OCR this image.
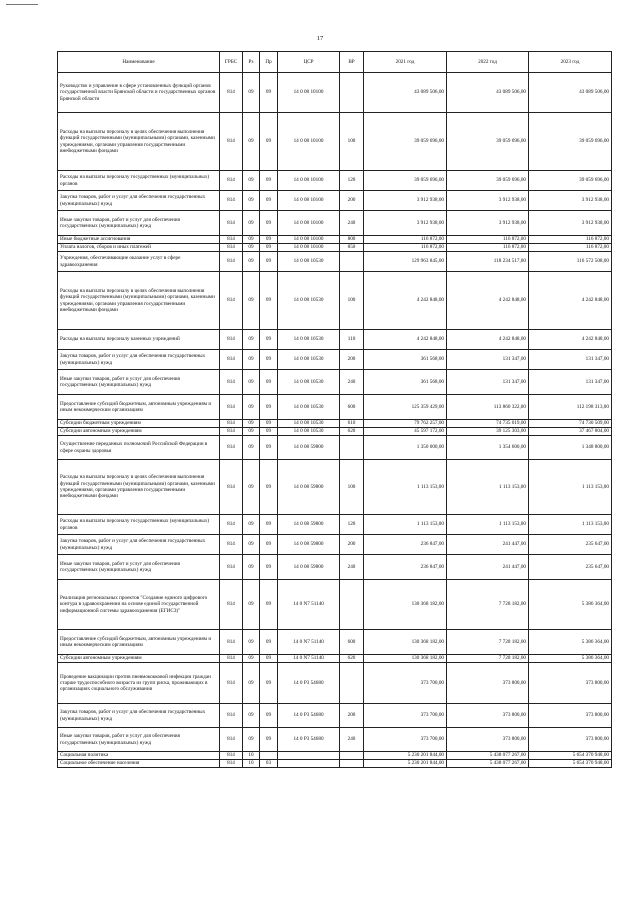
17
Наименование	ГРБС	Рз	Пр	ЦСР	ВР	2021 год	2022 год	2023 год
Руководство и управление в сфере установленных функций органов государственной власти Брянской области и государственных органов Брянской области	814	09	09	14 0 08 10100		43 089 506,00	43 089 506,00	43 089 506,00
Расходы на выплаты персоналу в целях обеспечения выполнения функций государственными (муниципальными) органами, казенными учреждениями, органами управления государственными внебюджетными фондами	814	09	09	14 0 08 10100	100	39 059 696,00	39 059 696,00	39 059 696,00
Расходы на выплаты персоналу государственных (муниципальных) органов	814	09	09	14 0 08 10100	120	39 059 696,00	39 059 696,00	39 059 696,00
Закупка товаров, работ и услуг для обеспечения государственных (муниципальных) нужд	814	09	09	14 0 08 10100	200	3 912 938,00	3 912 938,00	3 912 938,00
Иные закупки товаров, работ и услуг для обеспечения государственных (муниципальных) нужд	814	09	09	14 0 08 10100	240	3 912 938,00	3 912 938,00	3 912 938,00
Иные бюджетные ассигнования	814	09	09	14 0 08 10100	800	116 872,00	116 872,00	116 872,00
Уплата налогов, сборов и иных платежей	814	09	09	14 0 08 10100	850	116 872,00	116 872,00	116 872,00
Учреждения, обеспечивающие оказание услуг в сфере здравоохранения	814	09	09	14 0 08 10530		129 963 845,00	118 234 517,00	116 572 508,00
Расходы на выплаты персоналу в целях обеспечения выполнения функций государственными (муниципальными) органами, казенными учреждениями, органами управления государственными внебюджетными фондами	814	09	09	14 0 08 10530	100	4 242 848,00	4 242 848,00	4 242 848,00
Расходы на выплаты персоналу казенных учреждений	814	09	09	14 0 08 10530	110	4 242 848,00	4 242 848,00	4 242 848,00
Закупка товаров, работ и услуг для обеспечения государственных (муниципальных) нужд	814	09	09	14 0 08 10530	200	361 568,00	131 347,00	131 347,00
Иные закупки товаров, работ и услуг для обеспечения государственных (муниципальных) нужд	814	09	09	14 0 08 10530	240	361 568,00	131 347,00	131 347,00
Предоставление субсидий бюджетным, автономным учреждениям и иным некоммерческим организациям	814	09	09	14 0 08 10530	600	125 359 429,00	113 860 322,00	112 198 313,00
Субсидии бюджетным учреждениям	814	09	09	14 0 08 10530	610	79 762 257,00	74 735 019,00	74 730 509,00
Субсидии автономным учреждениям	814	09	09	14 0 08 10530	620	45 597 172,00	39 125 303,00	37 467 804,00
Осуществление переданных полномочий Российской Федерации в сфере охраны здоровья	814	09	09	14 0 08 59800		1 350 000,00	1 354 600,00	1 348 800,00
Расходы на выплаты персоналу в целях обеспечения выполнения функций государственными (муниципальными) органами, казенными учреждениями, органами управления государственными внебюджетными фондами	814	09	09	14 0 08 59800	100	1 113 153,00	1 113 153,00	1 113 153,00
Расходы на выплаты персоналу государственных (муниципальных) органов	814	09	09	14 0 08 59800	120	1 113 153,00	1 113 153,00	1 113 153,00
Закупка товаров, работ и услуг для обеспечения государственных (муниципальных) нужд	814	09	09	14 0 08 59800	200	236 847,00	241 447,00	235 647,00
Иные закупки товаров, работ и услуг для обеспечения государственных (муниципальных) нужд	814	09	09	14 0 08 59800	240	236 847,00	241 447,00	235 647,00
Реализация региональных проектов "Создание единого цифрового контура в здравоохранении на основе единой государственной информационной системы здравоохранения (ЕГИСЗ)"	814	09	09	14 0 N7 51140		130 368 182,00	7 728 182,00	5 386 364,00
Предоставление субсидий бюджетным, автономным учреждениям и иным некоммерческим организациям	814	09	09	14 0 N7 51140	600	130 368 182,00	7 728 182,00	5 386 364,00
Субсидии автономным учреждениям	814	09	09	14 0 N7 51140	620	130 368 182,00	7 728 182,00	5 386 364,00
Проведение вакцинации против пневмококковой инфекции граждан старше трудоспособного возраста из групп риска, проживающих в организациях социального обслуживания	814	09	09	14 0 P3 54680		373 700,00	373 800,00	373 800,00
Закупка товаров, работ и услуг для обеспечения государственных (муниципальных) нужд	814	09	09	14 0 P3 54680	200	373 700,00	373 800,00	373 800,00
Иные закупки товаров, работ и услуг для обеспечения государственных (муниципальных) нужд	814	09	09	14 0 P3 54680	240	373 700,00	373 800,00	373 800,00
Социальная политика	814	10				5 230 201 844,00	5 438 077 267,00	5 654 370 948,00
Социальное обеспечение населения	814	10	03			5 230 201 844,00	5 438 077 267,00	5 654 370 948,00
